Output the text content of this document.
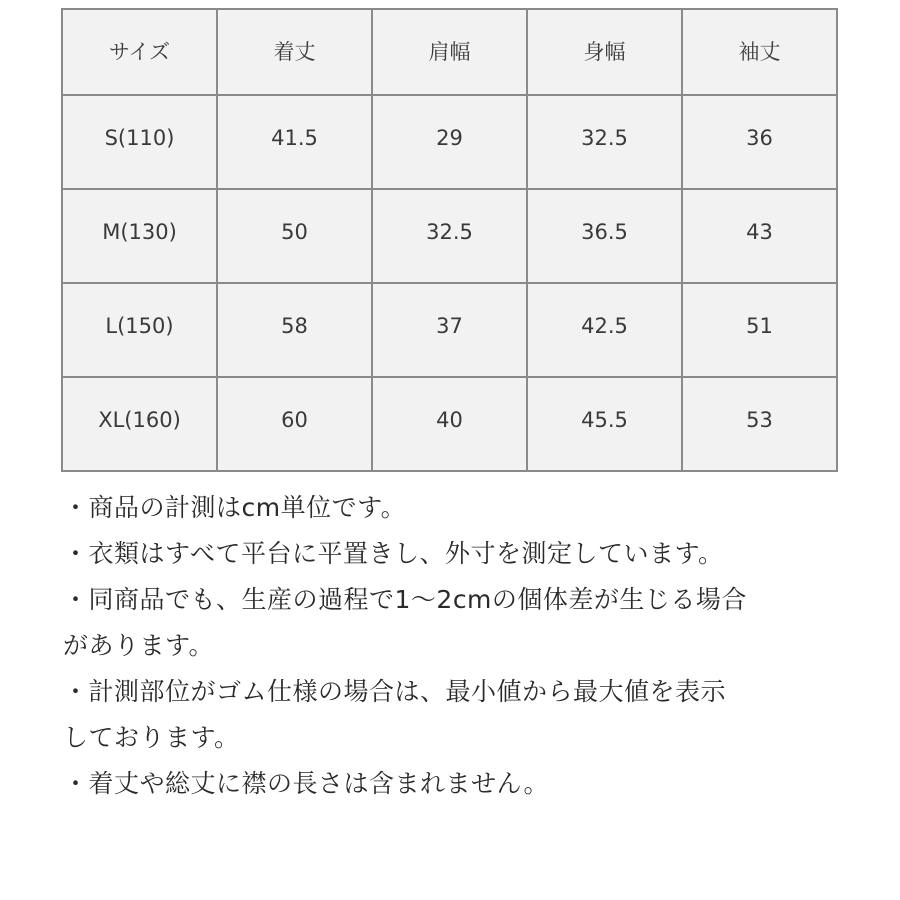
サイズ	着丈	肩幅	身幅	袖丈
S(110)	41.5	29	32.5	36
M(130)	50	32.5	36.5	43
L(150)	58	37	42.5	51
XL(160)	60	40	45.5	53
・商品の計測はcm単位です。
・衣類はすべて平台に平置きし、外寸を測定しています。
・同商品でも、生産の過程で1〜2cmの個体差が生じる場合
があります。
・計測部位がゴム仕様の場合は、最小値から最大値を表示
しております。
・着丈や総丈に襟の長さは含まれません。
